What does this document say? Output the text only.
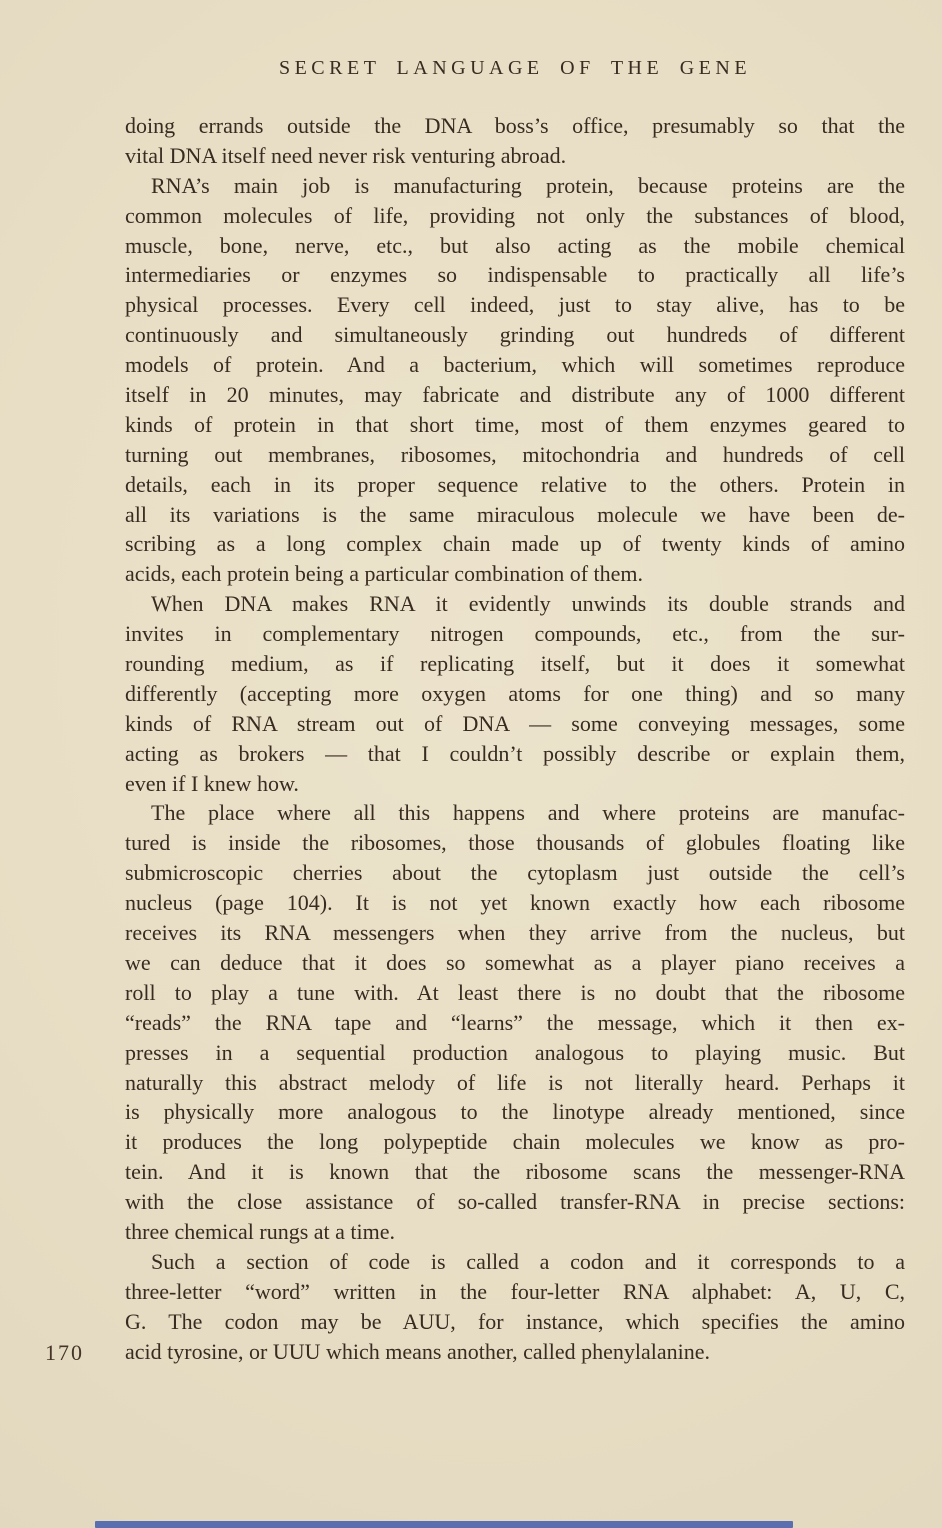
SECRET LANGUAGE OF THE GENE
doing errands outside the DNA boss’s office, presumably so that the
vital DNA itself need never risk venturing abroad.
RNA’s main job is manufacturing protein, because proteins are the
common molecules of life, providing not only the substances of blood,
muscle, bone, nerve, etc., but also acting as the mobile chemical
intermediaries or enzymes so indispensable to practically all life’s
physical processes. Every cell indeed, just to stay alive, has to be
continuously and simultaneously grinding out hundreds of different
models of protein. And a bacterium, which will sometimes reproduce
itself in 20 minutes, may fabricate and distribute any of 1000 different
kinds of protein in that short time, most of them enzymes geared to
turning out membranes, ribosomes, mitochondria and hundreds of cell
details, each in its proper sequence relative to the others. Protein in
all its variations is the same miraculous molecule we have been de-
scribing as a long complex chain made up of twenty kinds of amino
acids, each protein being a particular combination of them.
When DNA makes RNA it evidently unwinds its double strands and
invites in complementary nitrogen compounds, etc., from the sur-
rounding medium, as if replicating itself, but it does it somewhat
differently (accepting more oxygen atoms for one thing) and so many
kinds of RNA stream out of DNA — some conveying messages, some
acting as brokers — that I couldn’t possibly describe or explain them,
even if I knew how.
The place where all this happens and where proteins are manufac-
tured is inside the ribosomes, those thousands of globules floating like
submicroscopic cherries about the cytoplasm just outside the cell’s
nucleus (page 104). It is not yet known exactly how each ribosome
receives its RNA messengers when they arrive from the nucleus, but
we can deduce that it does so somewhat as a player piano receives a
roll to play a tune with. At least there is no doubt that the ribosome
“reads” the RNA tape and “learns” the message, which it then ex-
presses in a sequential production analogous to playing music. But
naturally this abstract melody of life is not literally heard. Perhaps it
is physically more analogous to the linotype already mentioned, since
it produces the long polypeptide chain molecules we know as pro-
tein. And it is known that the ribosome scans the messenger-RNA
with the close assistance of so-called transfer-RNA in precise sections:
three chemical rungs at a time.
Such a section of code is called a codon and it corresponds to a
three-letter “word” written in the four-letter RNA alphabet: A, U, C,
G. The codon may be AUU, for instance, which specifies the amino
acid tyrosine, or UUU which means another, called phenylalanine.
170
